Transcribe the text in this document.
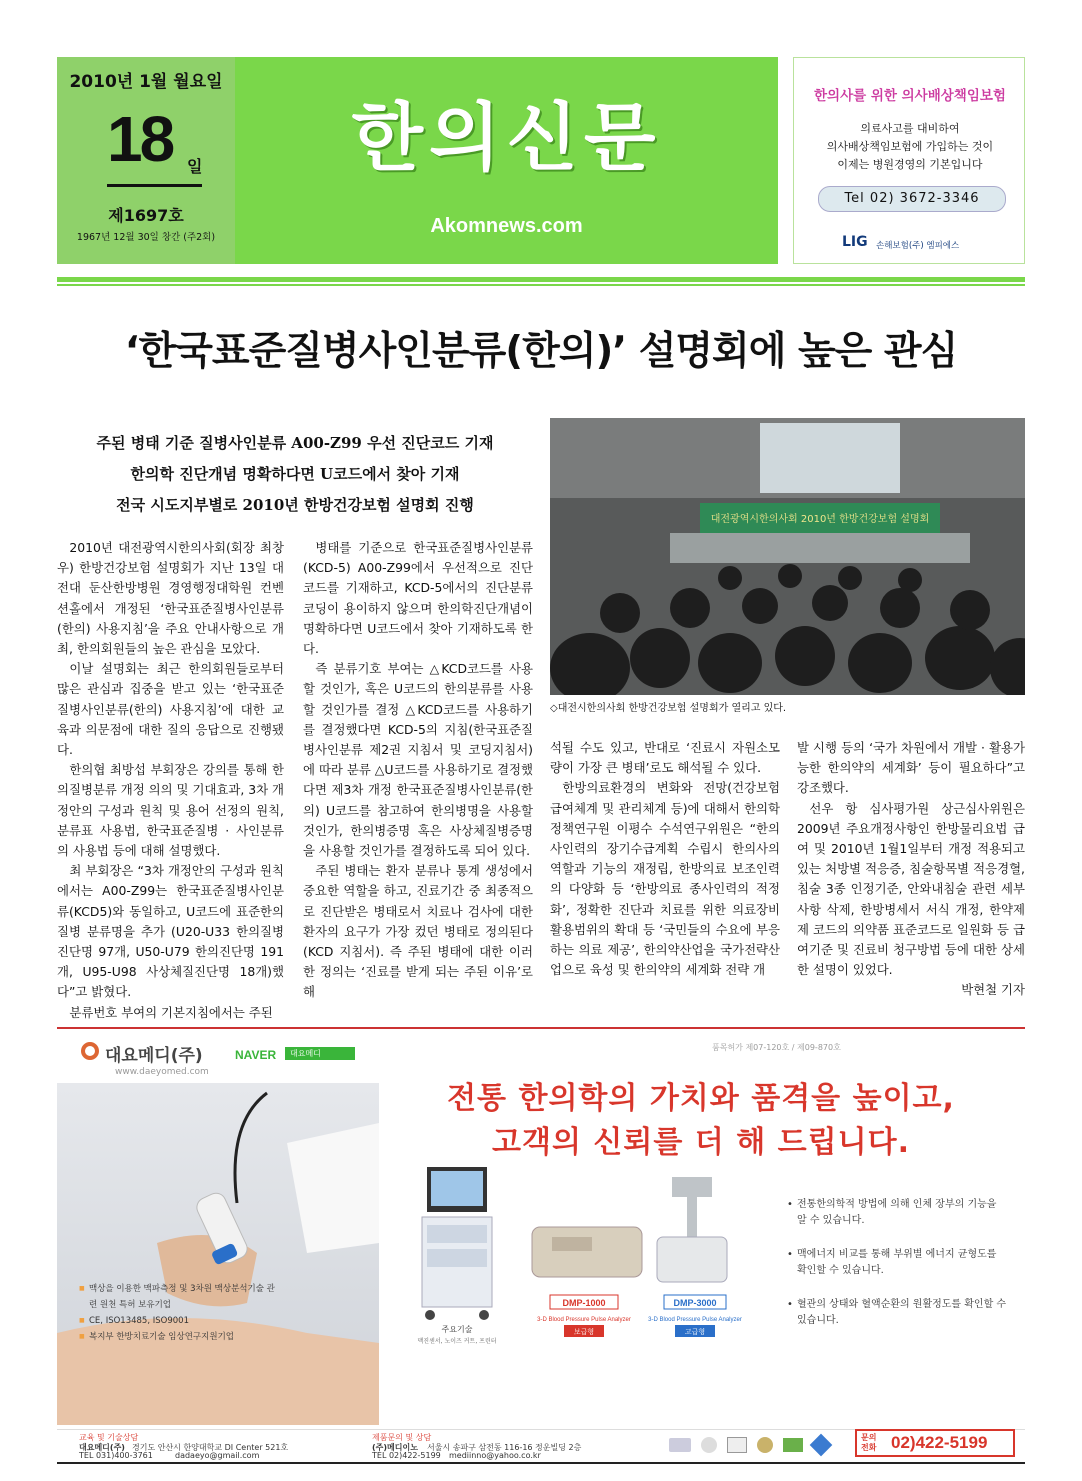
2010년 1월 월요일
18 일
제1697호
1967년 12월 30일 창간 (주2회)
한의신문
Akomnews.com
한의사를 위한 의사배상책임보험
의료사고를 대비하여
의사배상책임보험에 가입하는 것이
이제는 병원경영의 기본입니다
Tel 02) 3672-3346
LIG 손해보험(주) 엠피에스
‘한국표준질병사인분류(한의)’ 설명회에 높은 관심
주된 병태 기준 질병사인분류 A00-Z99 우선 진단코드 기재
한의학 진단개념 명확하다면 U코드에서 찾아 기재
전국 시도지부별로 2010년 한방건강보험 설명회 진행
대전광역시한의사회 2010년 한방건강보험 설명회
◇대전시한의사회 한방건강보험 설명회가 열리고 있다.

2010년 대전광역시한의사회(회장 최창우) 한방건강보험 설명회가 지난 13일 대전대 둔산한방병원 경영행정대학원 컨벤션홀에서 개정된 ‘한국표준질병사인분류(한의) 사용지침’을 주요 안내사항으로 개최, 한의회원들의 높은 관심을 모았다.

이날 설명회는 최근 한의회원들로부터 많은 관심과 집중을 받고 있는 ‘한국표준질병사인분류(한의) 사용지침’에 대한 교육과 의문점에 대한 질의 응답으로 진행됐다.

한의협 최방섭 부회장은 강의를 통해 한의질병분류 개정 의의 및 기대효과, 3차 개정안의 구성과 원칙 및 용어 선정의 원칙, 분류표 사용법, 한국표준질병 · 사인분류의 사용법 등에 대해 설명했다.

최 부회장은 “3차 개정안의 구성과 원칙에서는 A00-Z99는 한국표준질병사인분류(KCD5)와 동일하고, U코드에 표준한의질병 분류명을 추가 (U20-U33 한의질병 진단명 97개, U50-U79 한의진단명 191개, U95-U98 사상체질진단명 18개)했다”고 밝혔다.

분류번호 부여의 기본지침에서는 주된

병태를 기준으로 한국표준질병사인분류(KCD-5) A00-Z99에서 우선적으로 진단코드를 기재하고, KCD-5에서의 진단분류 코딩이 용이하지 않으며 한의학진단개념이 명확하다면 U코드에서 찾아 기재하도록 한다.

즉 분류기호 부여는 △KCD코드를 사용할 것인가, 혹은 U코드의 한의분류를 사용할 것인가를 결정 △KCD코드를 사용하기를 결정했다면 KCD-5의 지침(한국표준질병사인분류 제2권 지침서 및 코딩지침서)에 따라 분류 △U코드를 사용하기로 결정했다면 제3차 개정 한국표준질병사인분류(한의) U코드를 참고하여 한의병명을 사용할 것인가, 한의병증명 혹은 사상체질병증명을 사용할 것인가를 결정하도록 되어 있다.

주된 병태는 환자 분류나 통계 생성에서 중요한 역할을 하고, 진료기간 중 최종적으로 진단받은 병태로서 치료나 검사에 대한 환자의 요구가 가장 컸던 병태로 정의된다(KCD 지침서). 즉 주된 병태에 대한 이러한 정의는 ‘진료를 받게 되는 주된 이유’로 해

석될 수도 있고, 반대로 ‘진료시 자원소모량이 가장 큰 병태’로도 해석될 수 있다.

한방의료환경의 변화와 전망(건강보험 급여체계 및 관리체계 등)에 대해서 한의학정책연구원 이평수 수석연구위원은 “한의사인력의 장기수급계획 수립시 한의사의 역할과 기능의 재정립, 한방의료 보조인력의 다양화 등 ‘한방의료 종사인력의 적정화’, 정확한 진단과 치료를 위한 의료장비 활용범위의 확대 등 ‘국민들의 수요에 부응하는 의료 제공’, 한의약산업을 국가전략산업으로 육성 및 한의약의 세계화 전략 개

발 시행 등의 ‘국가 차원에서 개발 · 활용가능한 한의약의 세계화’ 등이 필요하다”고 강조했다.

선우 항 심사평가원 상근심사위원은 2009년 주요개정사항인 한방물리요법 급여 및 2010년 1월1일부터 개정 적용되고 있는 처방별 적응증, 침술항목별 적응경혈, 침술 3종 인정기준, 안와내침술 관련 세부사항 삭제, 한방병세서 서식 개정, 한약제제 코드의 의약품 표준코드로 일원화 등 급여기준 및 진료비 청구방법 등에 대한 상세한 설명이 있었다.

박현철 기자
대요메디(주)
www.daeyomed.com
NAVER 대요메디
■ 맥상을 이용한 맥파측정 및 3차원 맥상분석기술 관련 원천 특허 보유기업
■ CE, ISO13485, ISO9001
■ 복지부 한방치료기술 임상연구지원기업
품목허가 제07-120호 / 제09-870호
전통 한의학의 가치와 품격을 높이고,
고객의 신뢰를 더 해 드립니다.
주요기술
맥진센서, 노이즈 커트, 프린터
DMP-1000
3-D Blood Pressure Pulse Analyzer
보급형
DMP-3000
3-D Blood Pressure Pulse Analyzer
고급형
• 전통한의학적 방법에 의해 인체 장부의 기능을 알 수 있습니다.
• 맥에너지 비교를 통해 부위별 에너지 균형도를 확인할 수 있습니다.
• 혈관의 상태와 혈액순환의 원활정도를 확인할 수 있습니다.
교육 및 기술상담
대요메디(주) 경기도 안산시 한양대학교 DI Center 521호
TEL 031)400-3761	dadaeyo@gmail.com
제품문의 및 상담
(주)메디이노 서울시 송파구 삼전동 116-16 정운빌딩 2층
TEL 02)422-5199 mediinno@yahoo.co.kr
문의전화 02)422-5199
